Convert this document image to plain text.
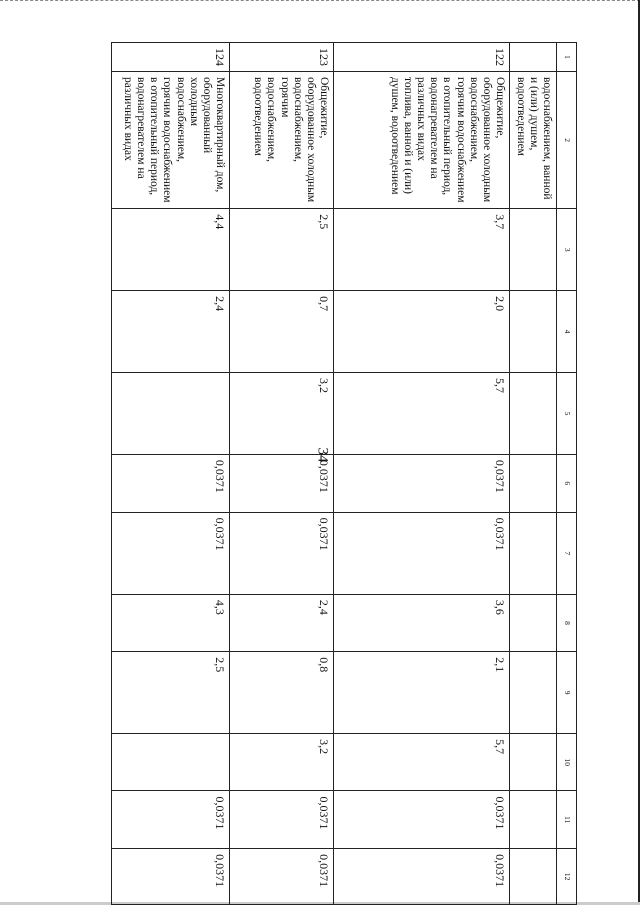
34
1	2	3	4	5	6	7	8	9	10	11	12
	водоснабжением, ванной и (или) душем, водоотведением										
122	Общежитие, оборудованное холодным водоснабжением, горячим водоснабжением в отопительный период, водонагревателем на различных видах топлива, ванной и (или) душем, водоотведением	3,7	2,0	5,7	0,0371	0,0371	3,6	2,1	5,7	0,0371	0,0371
123	Общежитие, оборудованное холодным водоснабжением, горячим водоснабжением, водоотведением	2,5	0,7	3,2	0,0371	0,0371	2,4	0,8	3,2	0,0371	0,0371
124	Многоквартирный дом, оборудованный холодным водоснабжением, горячим водоснабжением в отопительный период, водонагревателем на различных видах	4,4	2,4		0,0371	0,0371	4,3	2,5		0,0371	0,0371
